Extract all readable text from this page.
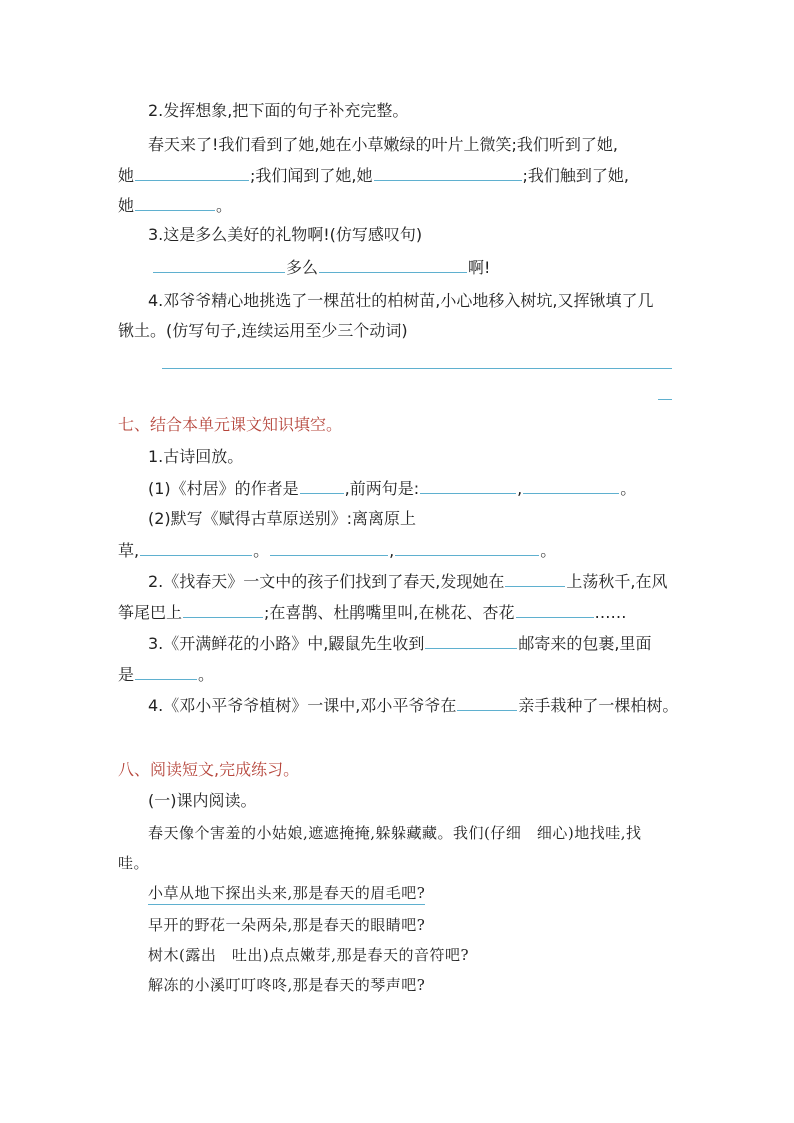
2.发挥想象,把下面的句子补充完整。
春天来了!我们看到了她,她在小草嫩绿的叶片上微笑;我们听到了她,
她	;我们闻到了她,她	;我们触到了她,
她	。
3.这是多么美好的礼物啊!(仿写感叹句)
多么	啊!
4.邓爷爷精心地挑选了一棵茁壮的柏树苗,小心地移入树坑,又挥锹填了几
锹土。(仿写句子,连续运用至少三个动词)
七、结合本单元课文知识填空。
1.古诗回放。
(1)《村居》的作者是	,前两句是:	,	。
(2)默写《赋得古草原送别》:离离原上
草,	。	,	。
2.《找春天》一文中的孩子们找到了春天,发现她在	上荡秋千,在风
筝尾巴上	;在喜鹊、杜鹃嘴里叫,在桃花、杏花	……
3.《开满鲜花的小路》中,鼹鼠先生收到	邮寄来的包裹,里面
是	。
4.《邓小平爷爷植树》一课中,邓小平爷爷在	亲手栽种了一棵柏树。
八、阅读短文,完成练习。
(一)课内阅读。
春天像个害羞的小姑娘,遮遮掩掩,躲躲藏藏。我们(仔细　细心)地找哇,找
哇。
小草从地下探出头来,那是春天的眉毛吧?
早开的野花一朵两朵,那是春天的眼睛吧?
树木(露出　吐出)点点嫩芽,那是春天的音符吧?
解冻的小溪叮叮咚咚,那是春天的琴声吧?
